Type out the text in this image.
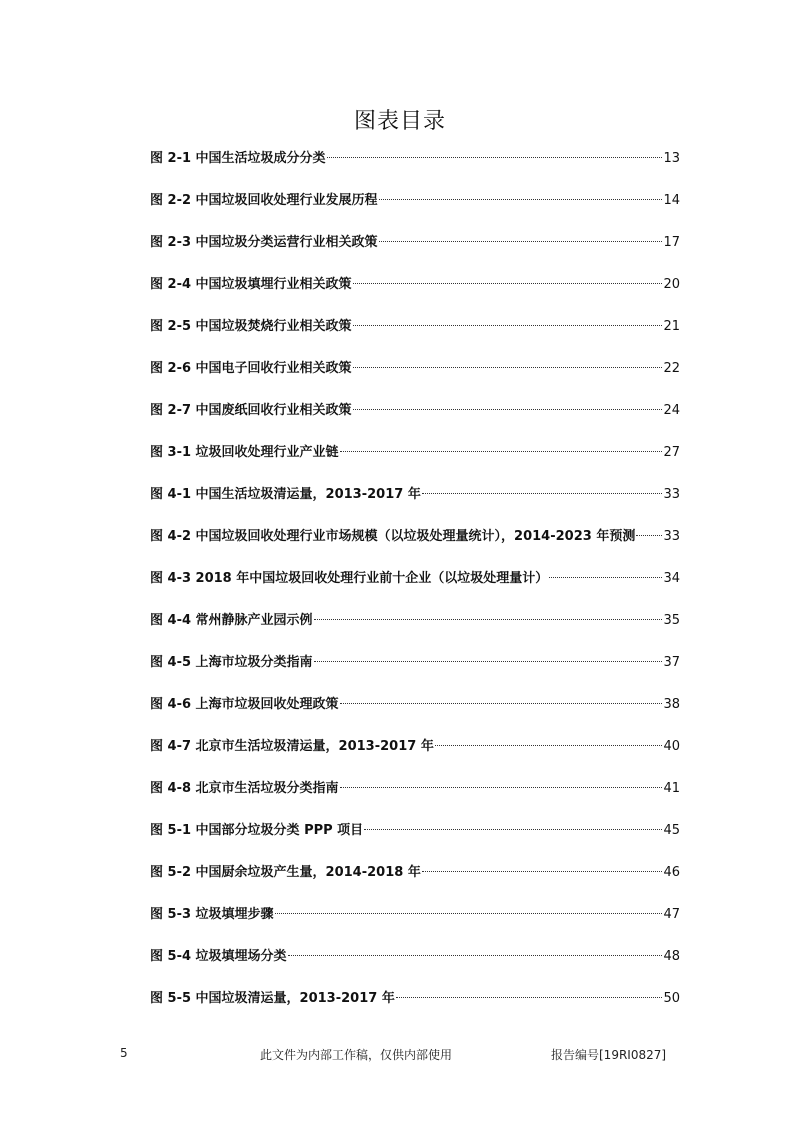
图表目录
图 2-1 中国生活垃圾成分分类	13
图 2-2 中国垃圾回收处理行业发展历程	14
图 2-3 中国垃圾分类运营行业相关政策	17
图 2-4 中国垃圾填埋行业相关政策	20
图 2-5 中国垃圾焚烧行业相关政策	21
图 2-6 中国电子回收行业相关政策	22
图 2-7 中国废纸回收行业相关政策	24
图 3-1 垃圾回收处理行业产业链	27
图 4-1 中国生活垃圾清运量，2013-2017 年	33
图 4-2 中国垃圾回收处理行业市场规模（以垃圾处理量统计），2014-2023 年预测 33
图 4-3 2018 年中国垃圾回收处理行业前十企业（以垃圾处理量计）	34
图 4-4 常州静脉产业园示例	35
图 4-5 上海市垃圾分类指南	37
图 4-6 上海市垃圾回收处理政策	38
图 4-7 北京市生活垃圾清运量，2013-2017 年	40
图 4-8 北京市生活垃圾分类指南	41
图 5-1 中国部分垃圾分类 PPP 项目	45
图 5-2 中国厨余垃圾产生量，2014-2018 年	46
图 5-3 垃圾填埋步骤	47
图 5-4 垃圾填埋场分类	48
图 5-5 中国垃圾清运量，2013-2017 年	50
5	此文件为内部工作稿，仅供内部使用	报告编号[19RI0827]
